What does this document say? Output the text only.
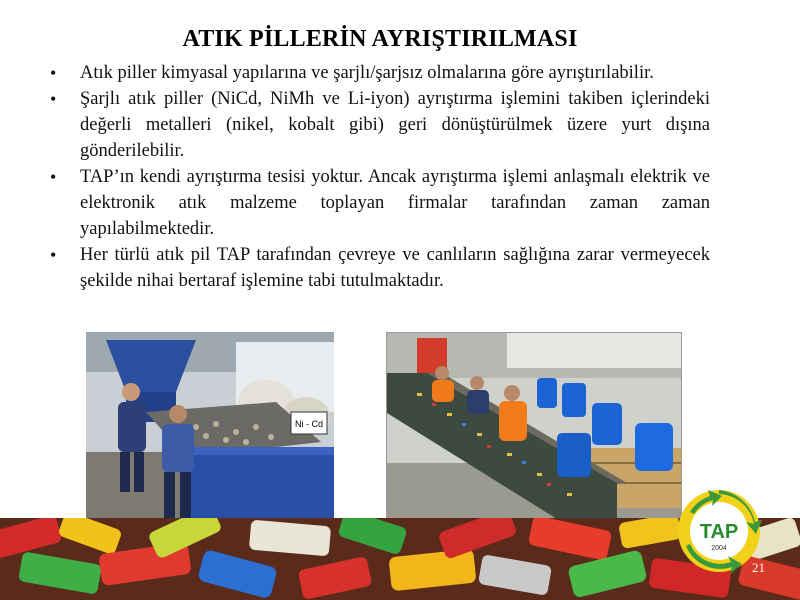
ATIK PİLLERİN AYRIŞTIRILMASI
• Atık piller kimyasal yapılarına ve şarjlı/şarjsız olmalarına göre ayrıştırılabilir.
• Şarjlı atık piller (NiCd, NiMh ve Li-iyon) ayrıştırma işlemini takiben içlerindeki değerli metalleri (nikel, kobalt gibi) geri dönüştürülmek üzere yurt dışına gönderilebilir.
• TAP’ın kendi ayrıştırma tesisi yoktur. Ancak ayrıştırma işlemi anlaşmalı elektrik ve elektronik atık malzeme toplayan firmalar tarafından zaman zaman yapılabilmektedir.
• Her türlü atık pil TAP tarafından çevreye ve canlıların sağlığına zarar vermeyecek şekilde nihai bertaraf işlemine tabi tutulmaktadır.
Ni - Cd
TAP
2004
21
